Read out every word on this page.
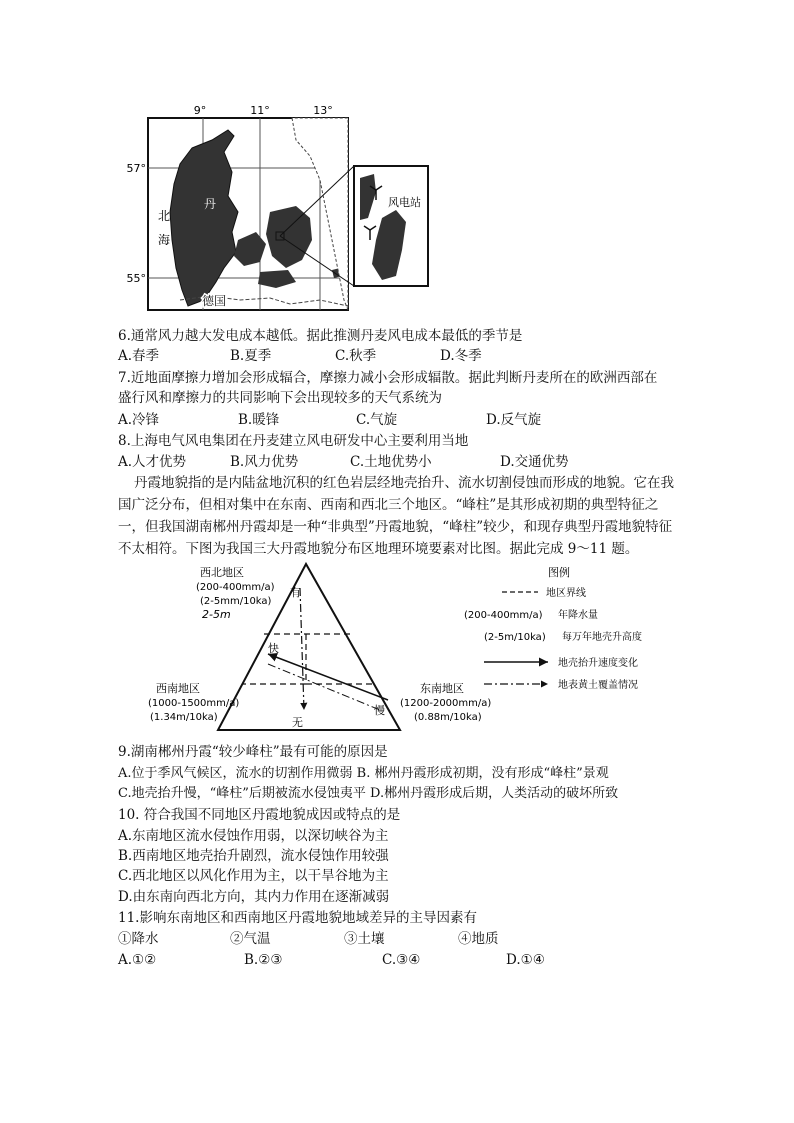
9°	11°	13°
57°
55°
北
海
丹
德国
风电站
6.通常风力越大发电成本越低。据此推测丹麦风电成本最低的季节是
A.春季	B.夏季	C.秋季	D.冬季
7.近地面摩擦力增加会形成辐合，摩擦力减小会形成辐散。据此判断丹麦所在的欧洲西部在
盛行风和摩擦力的共同影响下会出现较多的天气系统为
A.冷锋	B.暖锋	C.气旋	D.反气旋
8.上海电气风电集团在丹麦建立风电研发中心主要利用当地
A.人才优势	B.风力优势	C.土地优势小	D.交通优势
丹霞地貌指的是内陆盆地沉积的红色岩层经地壳抬升、流水切割侵蚀而形成的地貌。它在我国广泛分布，但相对集中在东南、西南和西北三个地区。“峰柱”是其形成初期的典型特征之一，但我国湖南郴州丹霞却是一种“非典型”丹霞地貌，“峰柱”较少，和现存典型丹霞地貌特征不太相符。下图为我国三大丹霞地貌分布区地理环境要素对比图。据此完成 9～11 题。
西北地区
(200-400mm/a)
(2-5mm/10ka)
2-5m
西南地区
(1000-1500mm/a)
(1.34m/10ka)
东南地区
(1200-2000mm/a)
(0.88m/10ka)
有
无
快
慢
图例
地区界线
(200-400mm/a) 年降水量
(2-5m/10ka) 每万年地壳升高度
地壳抬升速度变化
地表黄土覆盖情况
9.湖南郴州丹霞“较少峰柱”最有可能的原因是
A.位于季风气候区，流水的切割作用微弱 B. 郴州丹霞形成初期，没有形成“峰柱”景观
C.地壳抬升慢，“峰柱”后期被流水侵蚀夷平 D.郴州丹霞形成后期，人类活动的破坏所致
10. 符合我国不同地区丹霞地貌成因或特点的是
A.东南地区流水侵蚀作用弱，以深切峡谷为主
B.西南地区地壳抬升剧烈，流水侵蚀作用较强
C.西北地区以风化作用为主，以干旱谷地为主
D.由东南向西北方向，其内力作用在逐渐减弱
11.影响东南地区和西南地区丹霞地貌地域差异的主导因素有
①降水	②气温	③土壤	④地质
A.①②	B.②③	C.③④	D.①④
